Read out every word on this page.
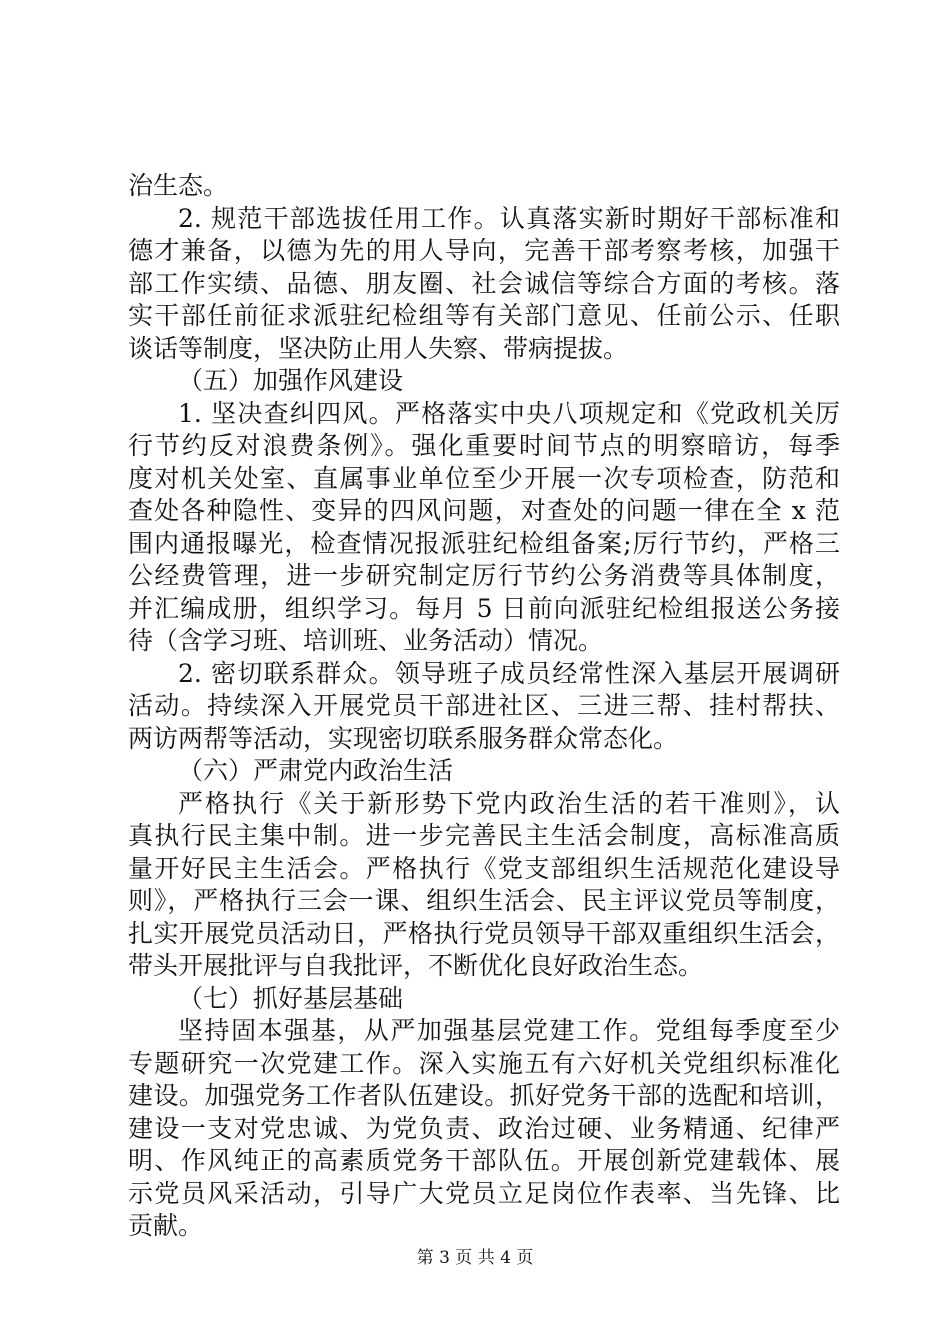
治生态。
2. 规范干部选拔任用工作。认真落实新时期好干部标准和
德才兼备，以德为先的用人导向，完善干部考察考核，加强干
部工作实绩、品德、朋友圈、社会诚信等综合方面的考核。落
实干部任前征求派驻纪检组等有关部门意见、任前公示、任职
谈话等制度，坚决防止用人失察、带病提拔。
（五）加强作风建设
1. 坚决查纠四风。严格落实中央八项规定和《党政机关厉
行节约反对浪费条例》。强化重要时间节点的明察暗访，每季
度对机关处室、直属事业单位至少开展一次专项检查，防范和
查处各种隐性、变异的四风问题，对查处的问题一律在全 x 范
围内通报曝光，检查情况报派驻纪检组备案;厉行节约，严格三
公经费管理，进一步研究制定厉行节约公务消费等具体制度，
并汇编成册，组织学习。每月 5 日前向派驻纪检组报送公务接
待（含学习班、培训班、业务活动）情况。
2. 密切联系群众。领导班子成员经常性深入基层开展调研
活动。持续深入开展党员干部进社区、三进三帮、挂村帮扶、
两访两帮等活动，实现密切联系服务群众常态化。
（六）严肃党内政治生活
严格执行《关于新形势下党内政治生活的若干准则》，认
真执行民主集中制。进一步完善民主生活会制度，高标准高质
量开好民主生活会。严格执行《党支部组织生活规范化建设导
则》，严格执行三会一课、组织生活会、民主评议党员等制度，
扎实开展党员活动日，严格执行党员领导干部双重组织生活会，
带头开展批评与自我批评，不断优化良好政治生态。
（七）抓好基层基础
坚持固本强基，从严加强基层党建工作。党组每季度至少
专题研究一次党建工作。深入实施五有六好机关党组织标准化
建设。加强党务工作者队伍建设。抓好党务干部的选配和培训，
建设一支对党忠诚、为党负责、政治过硬、业务精通、纪律严
明、作风纯正的高素质党务干部队伍。开展创新党建载体、展
示党员风采活动，引导广大党员立足岗位作表率、当先锋、比
贡献。
第 3 页 共 4 页
